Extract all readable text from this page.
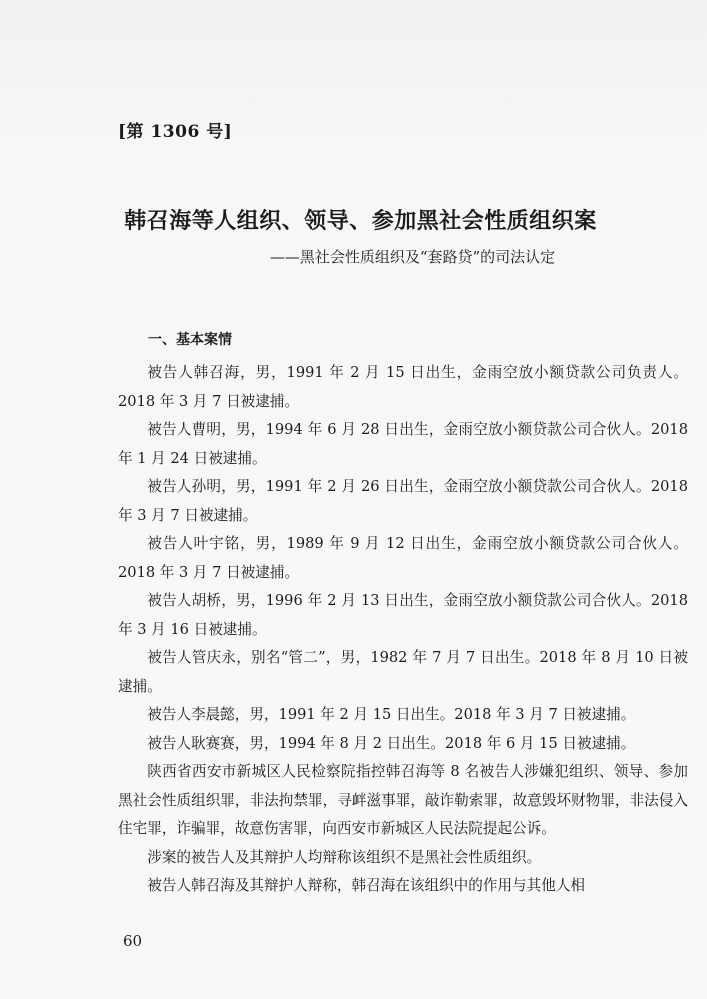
[第 1306 号]
韩召海等人组织、领导、参加黑社会性质组织案
——黑社会性质组织及“套路贷”的司法认定
一、基本案情

被告人韩召海，男，1991 年 2 月 15 日出生，金雨空放小额贷款公司负责人。2018 年 3 月 7 日被逮捕。

被告人曹明，男，1994 年 6 月 28 日出生，金雨空放小额贷款公司合伙人。2018 年 1 月 24 日被逮捕。

被告人孙明，男，1991 年 2 月 26 日出生，金雨空放小额贷款公司合伙人。2018 年 3 月 7 日被逮捕。

被告人叶宇铭，男，1989 年 9 月 12 日出生，金雨空放小额贷款公司合伙人。2018 年 3 月 7 日被逮捕。

被告人胡桥，男，1996 年 2 月 13 日出生，金雨空放小额贷款公司合伙人。2018 年 3 月 16 日被逮捕。

被告人管庆永，别名“管二”，男，1982 年 7 月 7 日出生。2018 年 8 月 10 日被逮捕。

被告人李晨懿，男，1991 年 2 月 15 日出生。2018 年 3 月 7 日被逮捕。

被告人耿赛赛，男，1994 年 8 月 2 日出生。2018 年 6 月 15 日被逮捕。

陕西省西安市新城区人民检察院指控韩召海等 8 名被告人涉嫌犯组织、领导、参加黑社会性质组织罪，非法拘禁罪，寻衅滋事罪，敲诈勒索罪，故意毁坏财物罪，非法侵入住宅罪，诈骗罪，故意伤害罪，向西安市新城区人民法院提起公诉。

涉案的被告人及其辩护人均辩称该组织不是黑社会性质组织。

被告人韩召海及其辩护人辩称，韩召海在该组织中的作用与其他人相

60
